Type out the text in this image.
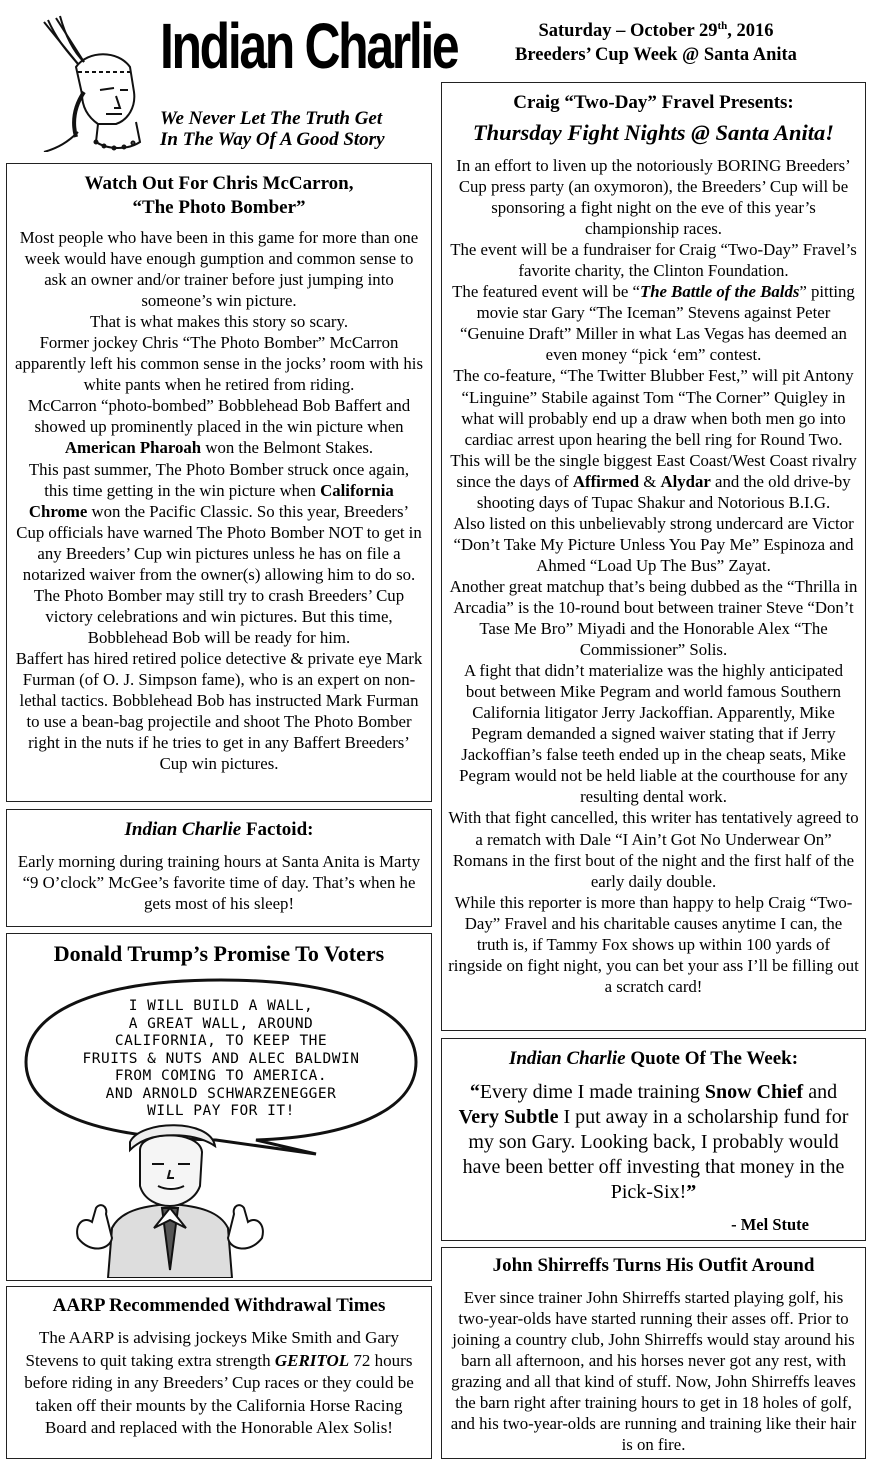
Indian Charlie
We Never Let The Truth Get
In The Way Of A Good Story
Saturday – October 29th, 2016
Breeders’ Cup Week @ Santa Anita
Watch Out For Chris McCarron,
“The Photo Bomber”

Most people who have been in this game for more than one week would have enough gumption and common sense to ask an owner and/or trainer before just jumping into someone’s win picture.

That is what makes this story so scary.

Former jockey Chris “The Photo Bomber” McCarron apparently left his common sense in the jocks’ room with his white pants when he retired from riding.

McCarron “photo-bombed” Bobblehead Bob Baffert and showed up prominently placed in the win picture when American Pharoah won the Belmont Stakes.

This past summer, The Photo Bomber struck once again, this time getting in the win picture when California Chrome won the Pacific Classic. So this year, Breeders’ Cup officials have warned The Photo Bomber NOT to get in any Breeders’ Cup win pictures unless he has on file a notarized waiver from the owner(s) allowing him to do so.

The Photo Bomber may still try to crash Breeders’ Cup victory celebrations and win pictures. But this time, Bobblehead Bob will be ready for him.

Baffert has hired retired police detective & private eye Mark Furman (of O. J. Simpson fame), who is an expert on non-lethal tactics. Bobblehead Bob has instructed Mark Furman to use a bean-bag projectile and shoot The Photo Bomber right in the nuts if he tries to get in any Baffert Breeders’ Cup win pictures.

Indian Charlie Factoid:

Early morning during training hours at Santa Anita is Marty “9 O’clock” McGee’s favorite time of day. That’s when he gets most of his sleep!

Donald Trump’s Promise To Voters
I WILL BUILD A WALL,
A GREAT WALL, AROUND
CALIFORNIA, TO KEEP THE
FRUITS & NUTS AND ALEC BALDWIN
FROM COMING TO AMERICA.
AND ARNOLD SCHWARZENEGGER
WILL PAY FOR IT!
AARP Recommended Withdrawal Times

The AARP is advising jockeys Mike Smith and Gary Stevens to quit taking extra strength GERITOL 72 hours before riding in any Breeders’ Cup races or they could be taken off their mounts by the California Horse Racing Board and replaced with the Honorable Alex Solis!

Craig “Two-Day” Fravel Presents:
Thursday Fight Nights @ Santa Anita!

In an effort to liven up the notoriously BORING Breeders’ Cup press party (an oxymoron), the Breeders’ Cup will be sponsoring a fight night on the eve of this year’s championship races.

The event will be a fundraiser for Craig “Two-Day” Fravel’s favorite charity, the Clinton Foundation.

The featured event will be “The Battle of the Balds” pitting movie star Gary “The Iceman” Stevens against Peter “Genuine Draft” Miller in what Las Vegas has deemed an even money “pick ‘em” contest.

The co-feature, “The Twitter Blubber Fest,” will pit Antony “Linguine” Stabile against Tom “The Corner” Quigley in what will probably end up a draw when both men go into cardiac arrest upon hearing the bell ring for Round Two. This will be the single biggest East Coast/West Coast rivalry since the days of Affirmed & Alydar and the old drive-by shooting days of Tupac Shakur and Notorious B.I.G.

Also listed on this unbelievably strong undercard are Victor “Don’t Take My Picture Unless You Pay Me” Espinoza and Ahmed “Load Up The Bus” Zayat.

Another great matchup that’s being dubbed as the “Thrilla in Arcadia” is the 10-round bout between trainer Steve “Don’t Tase Me Bro” Miyadi and the Honorable Alex “The Commissioner” Solis.

A fight that didn’t materialize was the highly anticipated bout between Mike Pegram and world famous Southern California litigator Jerry Jackoffian. Apparently, Mike Pegram demanded a signed waiver stating that if Jerry Jackoffian’s false teeth ended up in the cheap seats, Mike Pegram would not be held liable at the courthouse for any resulting dental work.

With that fight cancelled, this writer has tentatively agreed to a rematch with Dale “I Ain’t Got No Underwear On” Romans in the first bout of the night and the first half of the early daily double.

While this reporter is more than happy to help Craig “Two-Day” Fravel and his charitable causes anytime I can, the truth is, if Tammy Fox shows up within 100 yards of ringside on fight night, you can bet your ass I’ll be filling out a scratch card!

Indian Charlie Quote Of The Week:

“Every dime I made training Snow Chief and Very Subtle I put away in a scholarship fund for my son Gary. Looking back, I probably would have been better off investing that money in the Pick-Six!”

- Mel Stute
John Shirreffs Turns His Outfit Around

Ever since trainer John Shirreffs started playing golf, his two-year-olds have started running their asses off. Prior to joining a country club, John Shirreffs would stay around his barn all afternoon, and his horses never got any rest, with grazing and all that kind of stuff. Now, John Shirreffs leaves the barn right after training hours to get in 18 holes of golf, and his two-year-olds are running and training like their hair is on fire.
